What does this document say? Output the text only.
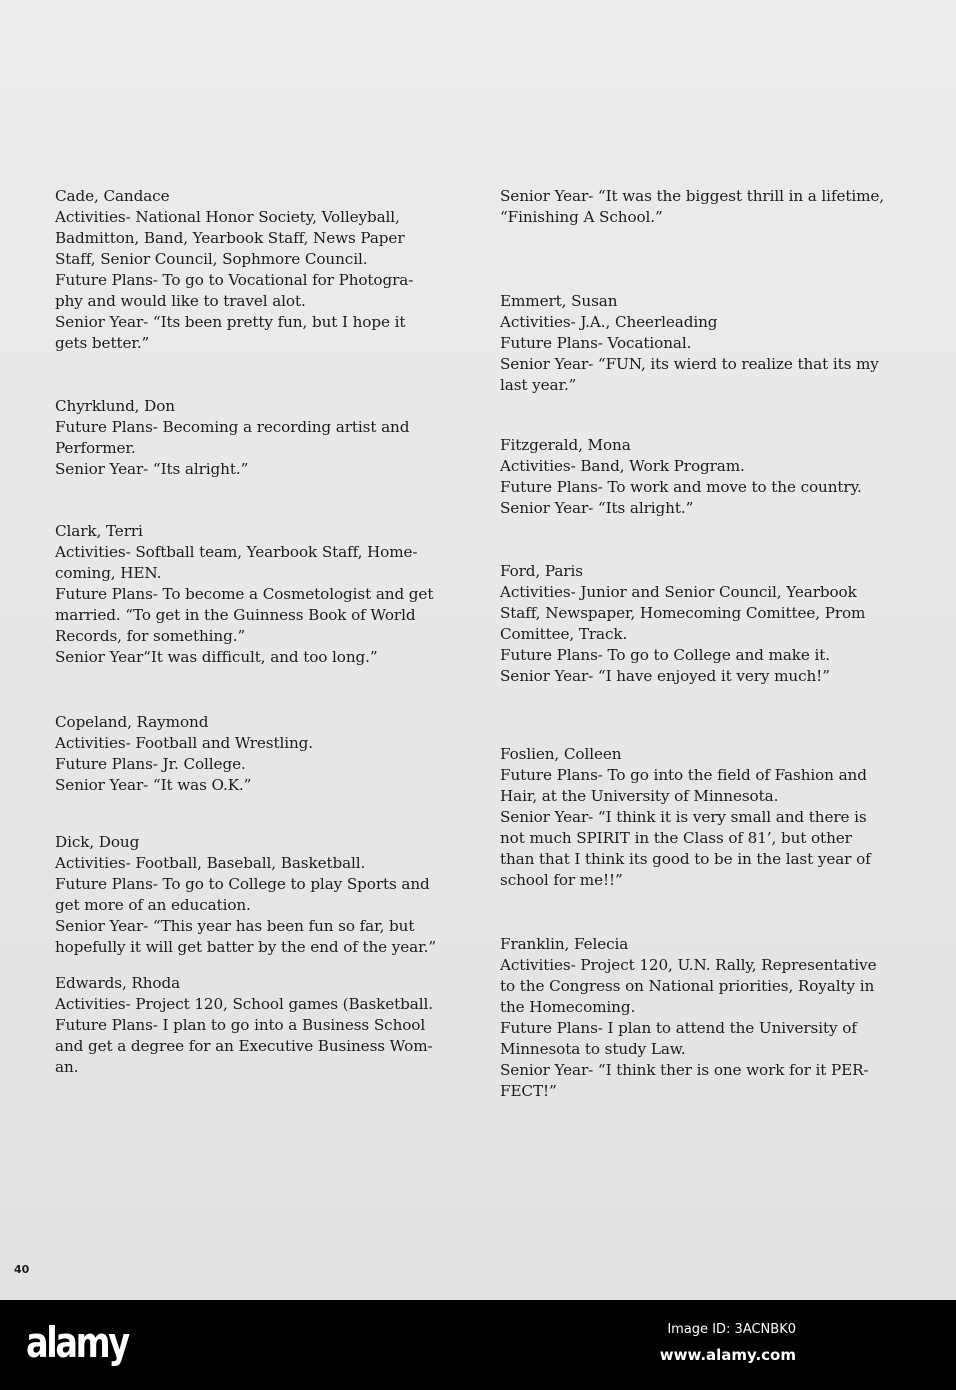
Cade, Candace
Activities- National Honor Society, Volleyball,
Badmitton, Band, Yearbook Staff, News Paper
Staff, Senior Council, Sophmore Council.
Future Plans- To go to Vocational for Photogra-
phy and would like to travel alot.
Senior Year- “Its been pretty fun, but I hope it
gets better.”
Chyrklund, Don
Future Plans- Becoming a recording artist and
Performer.
Senior Year- “Its alright.”
Clark, Terri
Activities- Softball team, Yearbook Staff, Home-
coming, HEN.
Future Plans- To become a Cosmetologist and get
married. “To get in the Guinness Book of World
Records, for something.”
Senior Year“It was difficult, and too long.”
Copeland, Raymond
Activities- Football and Wrestling.
Future Plans- Jr. College.
Senior Year- “It was O.K.”
Dick, Doug
Activities- Football, Baseball, Basketball.
Future Plans- To go to College to play Sports and
get more of an education.
Senior Year- “This year has been fun so far, but
hopefully it will get batter by the end of the year.”
Edwards, Rhoda
Activities- Project 120, School games (Basketball.
Future Plans- I plan to go into a Business School
and get a degree for an Executive Business Wom-
an.
Senior Year- “It was the biggest thrill in a lifetime,
“Finishing A School.”
Emmert, Susan
Activities- J.A., Cheerleading
Future Plans- Vocational.
Senior Year- “FUN, its wierd to realize that its my
last year.”
Fitzgerald, Mona
Activities- Band, Work Program.
Future Plans- To work and move to the country.
Senior Year- “Its alright.”
Ford, Paris
Activities- Junior and Senior Council, Yearbook
Staff, Newspaper, Homecoming Comittee, Prom
Comittee, Track.
Future Plans- To go to College and make it.
Senior Year- “I have enjoyed it very much!”
Foslien, Colleen
Future Plans- To go into the field of Fashion and
Hair, at the University of Minnesota.
Senior Year- “I think it is very small and there is
not much SPIRIT in the Class of 81’, but other
than that I think its good to be in the last year of
school for me!!”
Franklin, Felecia
Activities- Project 120, U.N. Rally, Representative
to the Congress on National priorities, Royalty in
the Homecoming.
Future Plans- I plan to attend the University of
Minnesota to study Law.
Senior Year- “I think ther is one work for it PER-
FECT!”
40
alamy	Image ID: 3ACNBK0
www.alamy.com
